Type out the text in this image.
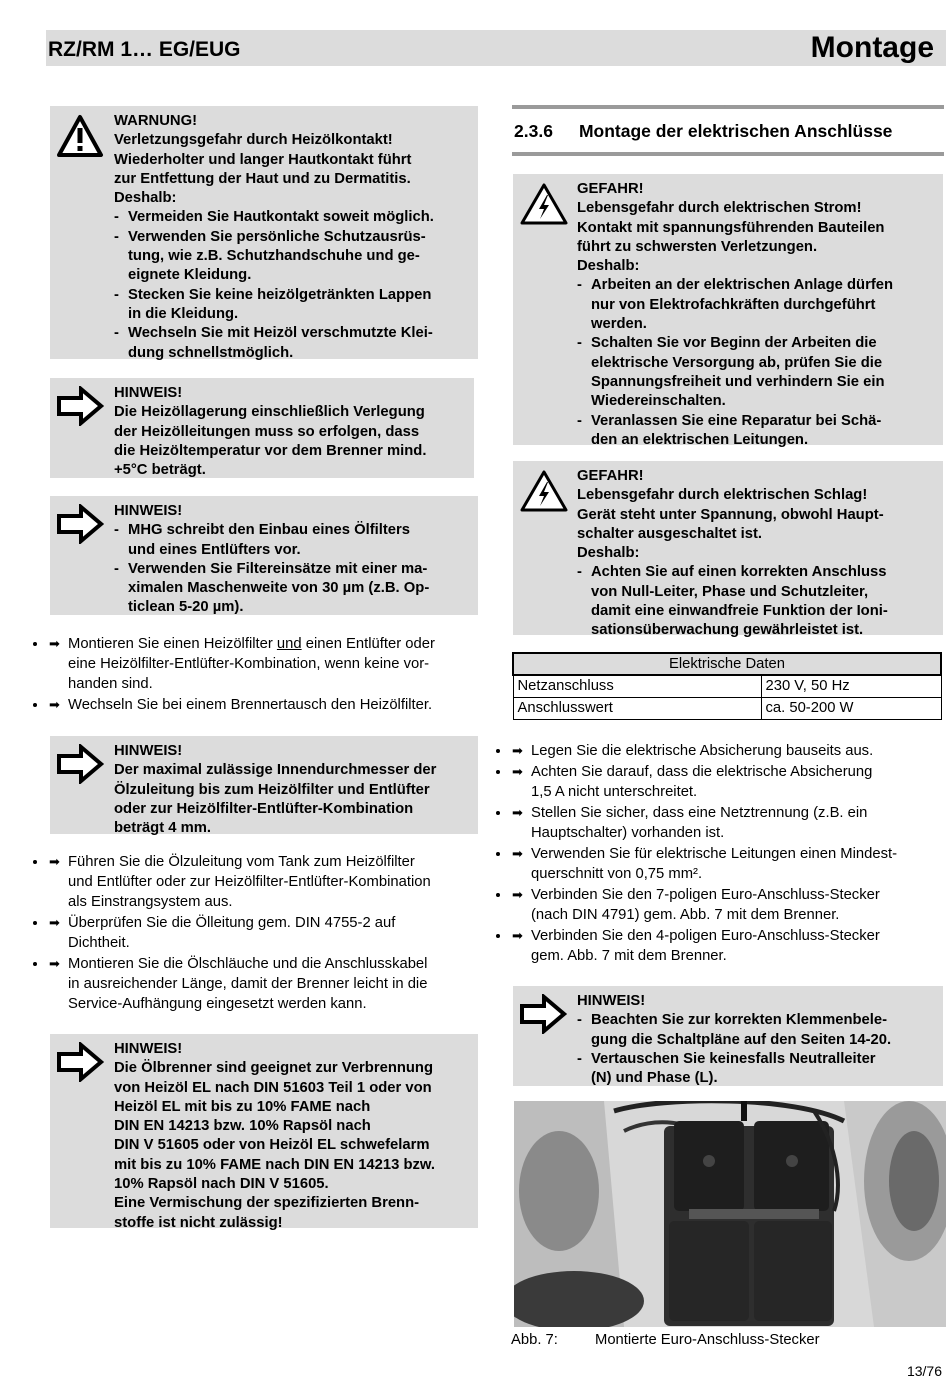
RZ/RM 1… EG/EUG	Montage
WARNUNG!
Verletzungsgefahr durch Heizölkontakt!
Wiederholter und langer Hautkontakt führt
zur Entfettung der Haut und zu Dermatitis.
Deshalb:
- Vermeiden Sie Hautkontakt soweit möglich.
- Verwenden Sie persönliche Schutzausrüs-
tung, wie z.B. Schutzhandschuhe und ge-
eignete Kleidung.
- Stecken Sie keine heizölgetränkten Lappen
in die Kleidung.
- Wechseln Sie mit Heizöl verschmutzte Klei-
dung schnellstmöglich.
HINWEIS!
Die Heizöllagerung einschließlich Verlegung
der Heizölleitungen muss so erfolgen, dass
die Heizöltemperatur vor dem Brenner mind.
+5°C beträgt.
HINWEIS!
- MHG schreibt den Einbau eines Ölfilters
und eines Entlüfters vor.
- Verwenden Sie Filtereinsätze mit einer ma-
ximalen Maschenweite von 30 µm (z.B. Op-
ticlean 5-20 µm).
• ➡ Montieren Sie einen Heizölfilter und einen Entlüfter oder
eine Heizölfilter-Entlüfter-Kombination, wenn keine vor-
handen sind.
• ➡ Wechseln Sie bei einem Brennertausch den Heizölfilter.
HINWEIS!
Der maximal zulässige Innendurchmesser der
Ölzuleitung bis zum Heizölfilter und Entlüfter
oder zur Heizölfilter-Entlüfter-Kombination
beträgt 4 mm.
• ➡ Führen Sie die Ölzuleitung vom Tank zum Heizölfilter
und Entlüfter oder zur Heizölfilter-Entlüfter-Kombination
als Einstrangsystem aus.
• ➡ Überprüfen Sie die Ölleitung gem. DIN 4755-2 auf
Dichtheit.
• ➡ Montieren Sie die Ölschläuche und die Anschlusskabel
in ausreichender Länge, damit der Brenner leicht in die
Service-Aufhängung eingesetzt werden kann.
HINWEIS!
Die Ölbrenner sind geeignet zur Verbrennung
von Heizöl EL nach DIN 51603 Teil 1 oder von
Heizöl EL mit bis zu 10% FAME nach
DIN EN 14213 bzw. 10% Rapsöl nach
DIN V 51605 oder von Heizöl EL schwefelarm
mit bis zu 10% FAME nach DIN EN 14213 bzw.
10% Rapsöl nach DIN V 51605.
Eine Vermischung der spezifizierten Brenn-
stoffe ist nicht zulässig!
2.3.6 Montage der elektrischen Anschlüsse
GEFAHR!
Lebensgefahr durch elektrischen Strom!
Kontakt mit spannungsführenden Bauteilen
führt zu schwersten Verletzungen.
Deshalb:
- Arbeiten an der elektrischen Anlage dürfen
nur von Elektrofachkräften durchgeführt
werden.
- Schalten Sie vor Beginn der Arbeiten die
elektrische Versorgung ab, prüfen Sie die
Spannungsfreiheit und verhindern Sie ein
Wiedereinschalten.
- Veranlassen Sie eine Reparatur bei Schä-
den an elektrischen Leitungen.
GEFAHR!
Lebensgefahr durch elektrischen Schlag!
Gerät steht unter Spannung, obwohl Haupt-
schalter ausgeschaltet ist.
Deshalb:
- Achten Sie auf einen korrekten Anschluss
von Null-Leiter, Phase und Schutzleiter,
damit eine einwandfreie Funktion der Ioni-
sationsüberwachung gewährleistet ist.
Elektrische Daten	
Netzanschluss	230 V, 50 Hz
Anschlusswert	ca. 50-200 W
• ➡ Legen Sie die elektrische Absicherung bauseits aus.
• ➡ Achten Sie darauf, dass die elektrische Absicherung
1,5 A nicht unterschreitet.
• ➡ Stellen Sie sicher, dass eine Netztrennung (z.B. ein
Hauptschalter) vorhanden ist.
• ➡ Verwenden Sie für elektrische Leitungen einen Mindest-
querschnitt von 0,75 mm².
• ➡ Verbinden Sie den 7-poligen Euro-Anschluss-Stecker
(nach DIN 4791) gem. Abb. 7 mit dem Brenner.
• ➡ Verbinden Sie den 4-poligen Euro-Anschluss-Stecker
gem. Abb. 7 mit dem Brenner.
HINWEIS!
- Beachten Sie zur korrekten Klemmenbele-
gung die Schaltpläne auf den Seiten 14-20.
- Vertauschen Sie keinesfalls Neutralleiter
(N) und Phase (L).
Abb. 7:	Montierte Euro-Anschluss-Stecker
13/76
